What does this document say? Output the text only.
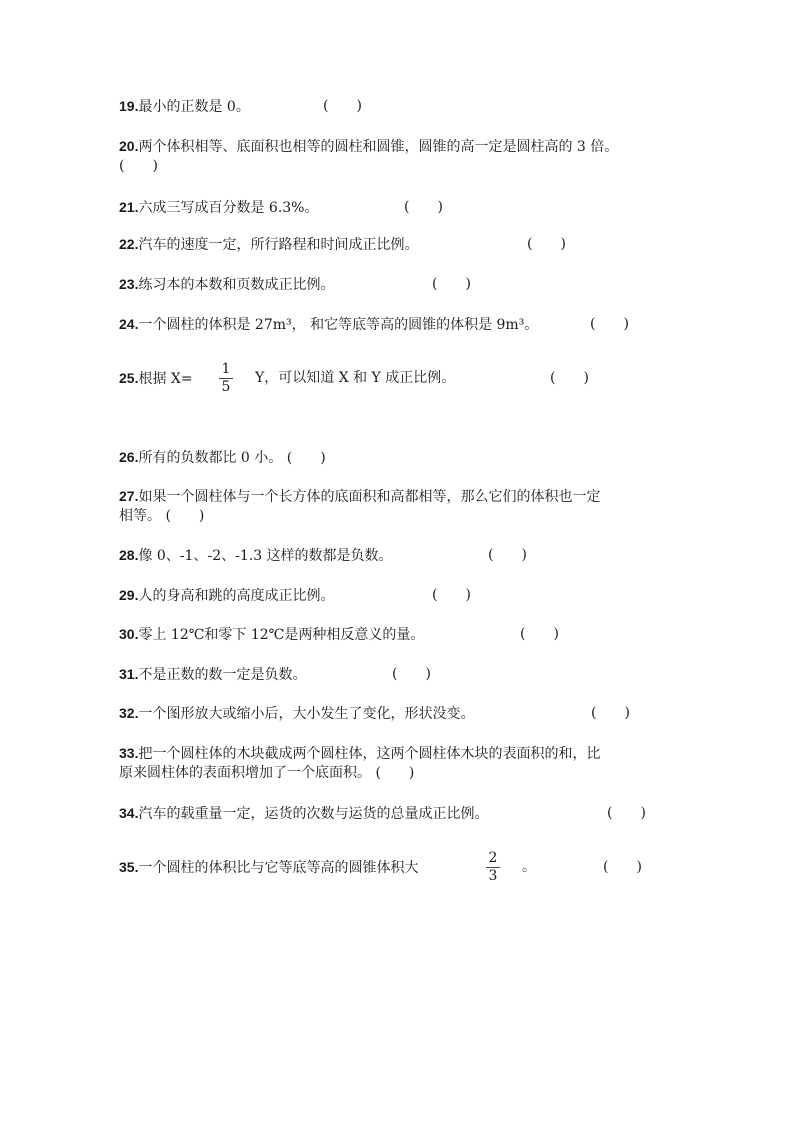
19.最小的正数是 0。	(　　)
20.两个体积相等、底面积也相等的圆柱和圆锥，圆锥的高一定是圆柱高的 3 倍。
(　　)
21.六成三写成百分数是 6.3%。	(　　)
22.汽车的速度一定，所行路程和时间成正比例。	(　　)
23.练习本的本数和页数成正比例。	(　　)
24.一个圆柱的体积是 27m³， 和它等底等高的圆锥的体积是 9m³。	(　　)
25.根据 X=
1
5
Y，可以知道 X 和 Y 成正比例。	(　　)
26.所有的负数都比 0 小。 (　　)
27.如果一个圆柱体与一个长方体的底面积和高都相等，那么它们的体积也一定
相等。 (　　)
28.像 0、-1、-2、-1.3 这样的数都是负数。	(　　)
29.人的身高和跳的高度成正比例。	(　　)
30.零上 12℃和零下 12℃是两种相反意义的量。	(　　)
31.不是正数的数一定是负数。	(　　)
32.一个图形放大或缩小后，大小发生了变化，形状没变。	(　　)
33.把一个圆柱体的木块截成两个圆柱体，这两个圆柱体木块的表面积的和，比
原来圆柱体的表面积增加了一个底面积。 (　　)
34.汽车的载重量一定，运货的次数与运货的总量成正比例。	(　　)
35.一个圆柱的体积比与它等底等高的圆锥体积大
2
3
。	(　　)
